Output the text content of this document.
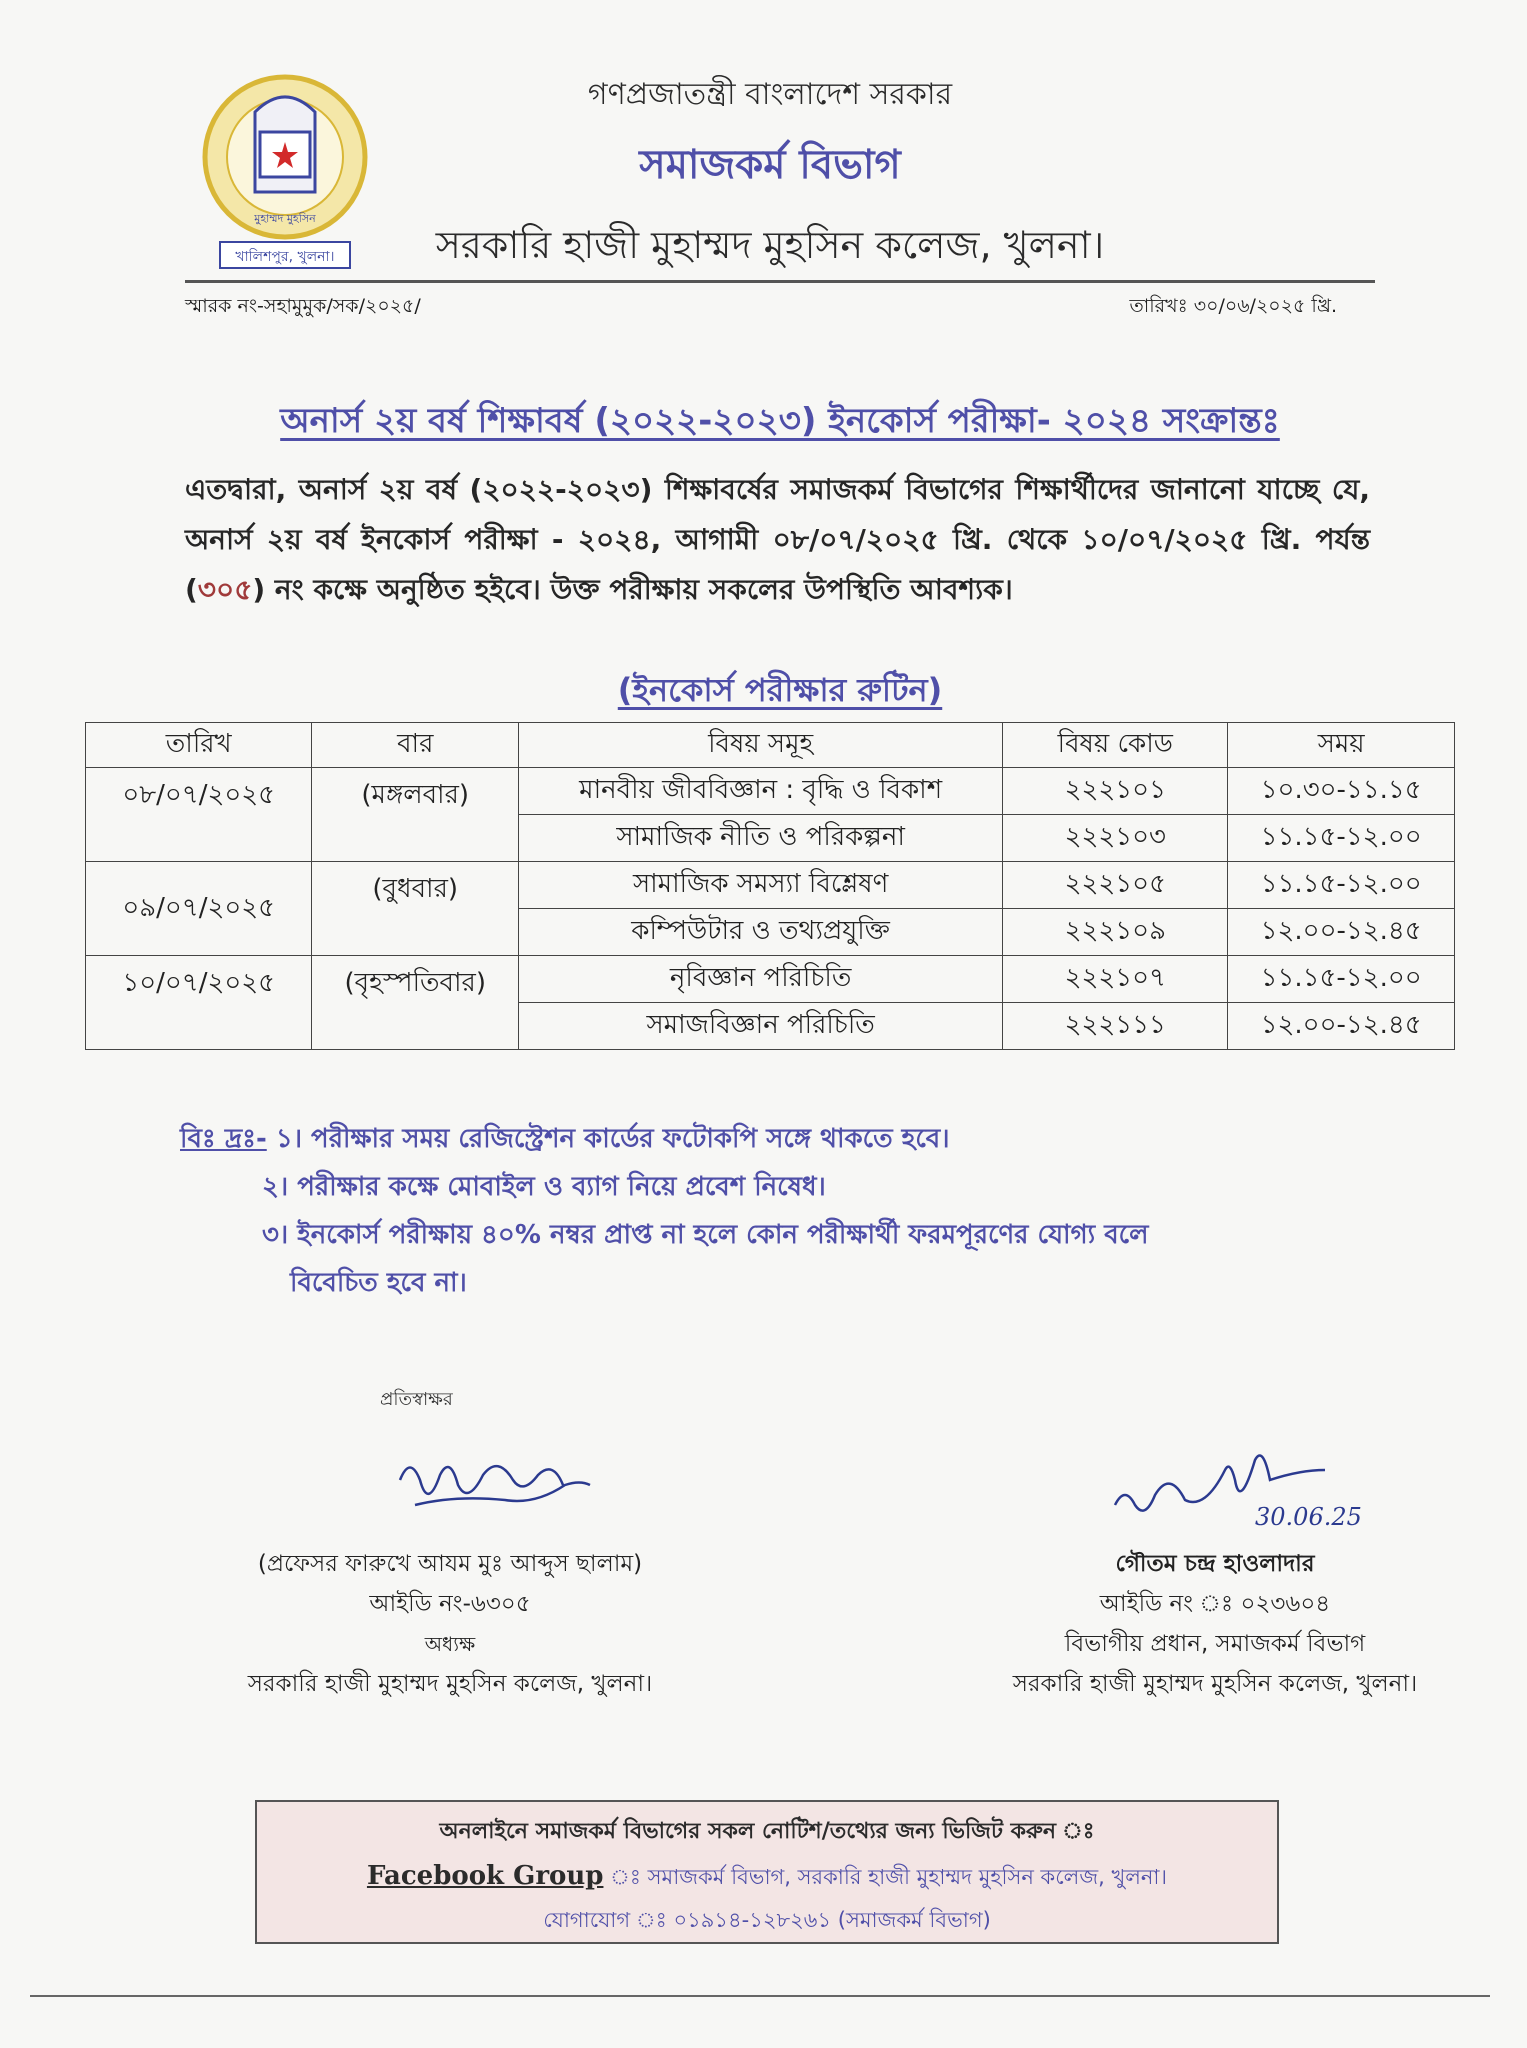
মুহাম্মদ মুহসিন
খালিশপুর, খুলনা।

গণপ্রজাতন্ত্রী বাংলাদেশ সরকার

সমাজকর্ম বিভাগ

সরকারি হাজী মুহাম্মদ মুহসিন কলেজ, খুলনা।

স্মারক নং-সহামুমুক/সক/২০২৫/	তারিখঃ ৩০/০৬/২০২৫ খ্রি.
অনার্স ২য় বর্ষ শিক্ষাবর্ষ (২০২২-২০২৩) ইনকোর্স পরীক্ষা- ২০২৪ সংক্রান্তঃ
এতদ্বারা, অনার্স ২য় বর্ষ (২০২২-২০২৩) শিক্ষাবর্ষের সমাজকর্ম বিভাগের শিক্ষার্থীদের জানানো যাচ্ছে যে, অনার্স ২য় বর্ষ ইনকোর্স পরীক্ষা - ২০২৪, আগামী ০৮/০৭/২০২৫ খ্রি. থেকে ১০/০৭/২০২৫ খ্রি. পর্যন্ত (৩০৫) নং কক্ষে অনুষ্ঠিত হইবে। উক্ত পরীক্ষায় সকলের উপস্থিতি আবশ্যক।
(ইনকোর্স পরীক্ষার রুটিন)
তারিখ	বার	বিষয় সমূহ	বিষয় কোড	সময়
০৮/০৭/২০২৫	(মঙ্গলবার)	মানবীয় জীববিজ্ঞান : বৃদ্ধি ও বিকাশ	২২২১০১	১০.৩০-১১.১৫
		সামাজিক নীতি ও পরিকল্পনা	২২২১০৩	১১.১৫-১২.০০
০৯/০৭/২০২৫	(বুধবার)	সামাজিক সমস্যা বিশ্লেষণ	২২২১০৫	১১.১৫-১২.০০
		কম্পিউটার ও তথ্যপ্রযুক্তি	২২২১০৯	১২.০০-১২.৪৫
১০/০৭/২০২৫	(বৃহস্পতিবার)	নৃবিজ্ঞান পরিচিতি	২২২১০৭	১১.১৫-১২.০০
		সমাজবিজ্ঞান পরিচিতি	২২২১১১	১২.০০-১২.৪৫
বিঃ দ্রঃ- ১। পরীক্ষার সময় রেজিস্ট্রেশন কার্ডের ফটোকপি সঙ্গে থাকতে হবে।
২। পরীক্ষার কক্ষে মোবাইল ও ব্যাগ নিয়ে প্রবেশ নিষেধ।
৩। ইনকোর্স পরীক্ষায় ৪০% নম্বর প্রাপ্ত না হলে কোন পরীক্ষার্থী ফরমপূরণের যোগ্য বলে
বিবেচিত হবে না।
প্রতিস্বাক্ষর
(প্রফেসর ফারুখে আযম মুঃ আব্দুস ছালাম)
আইডি নং-৬৩০৫
অধ্যক্ষ
সরকারি হাজী মুহাম্মদ মুহসিন কলেজ, খুলনা।
30.06.25
গৌতম চন্দ্র হাওলাদার
আইডি নং ঃ ০২৩৬০৪
বিভাগীয় প্রধান, সমাজকর্ম বিভাগ
সরকারি হাজী মুহাম্মদ মুহসিন কলেজ, খুলনা।
অনলাইনে সমাজকর্ম বিভাগের সকল নোটিশ/তথ্যের জন্য ভিজিট করুন ঃ
Facebook Group ঃ সমাজকর্ম বিভাগ, সরকারি হাজী মুহাম্মদ মুহসিন কলেজ, খুলনা।
যোগাযোগ ঃ ০১৯১৪-১২৮২৬১ (সমাজকর্ম বিভাগ)
